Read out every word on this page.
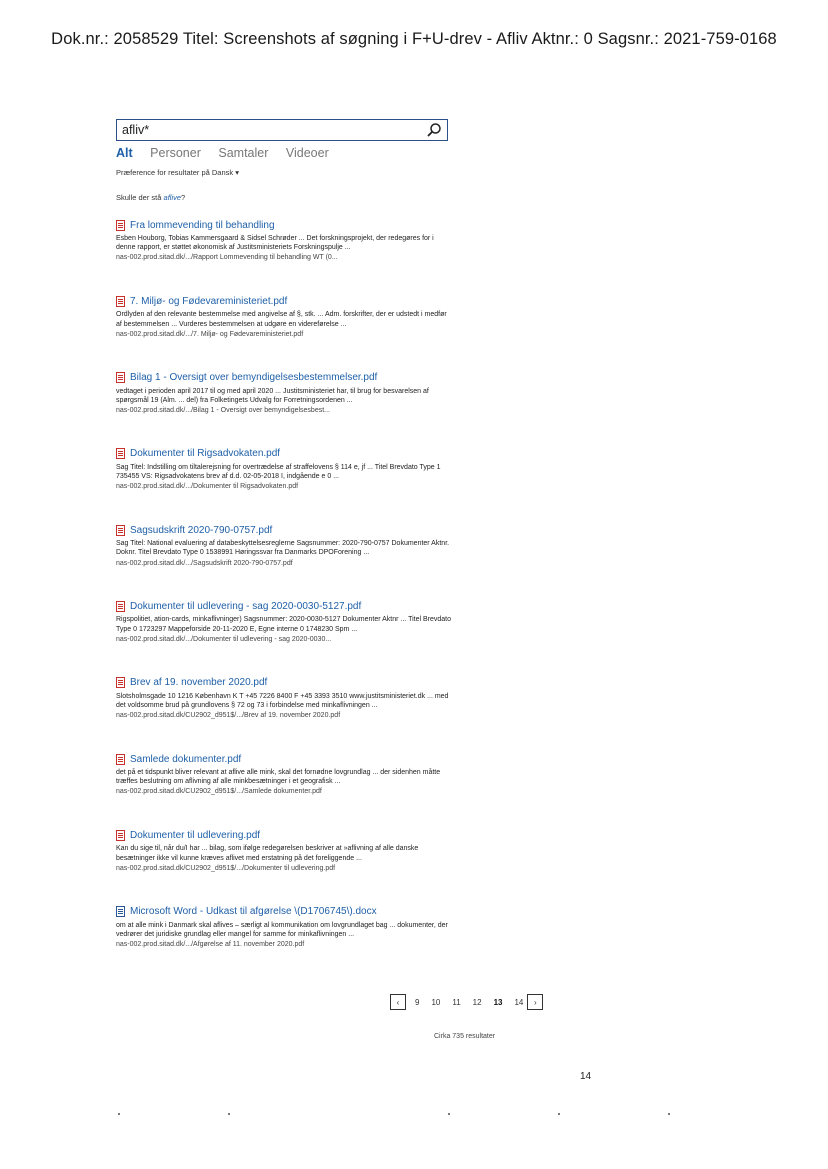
Dok.nr.: 2058529 Titel: Screenshots af søgning i F+U-drev - Afliv Aktnr.: 0 Sagsnr.: 2021-759-0168
afliv*
Alt Personer Samtaler Videoer
Præference for resultater på Dansk ▾
Skulle der stå aflive?
Fra lommevending til behandling
Esben Houborg, Tobias Kammersgaard & Sidsel Schrøder ... Det forskningsprojekt, der redegøres for i denne rapport, er støttet økonomisk af Justitsministeriets Forskningspulje ...
nas-002.prod.sitad.dk/.../Rapport Lommevending til behandling WT (0...
7. Miljø- og Fødevareministeriet.pdf
Ordlyden af den relevante bestemmelse med angivelse af §, stk. ... Adm. forskrifter, der er udstedt i medfør af bestemmelsen ... Vurderes bestemmelsen at udgøre en videreførelse ...
nas-002.prod.sitad.dk/.../7. Miljø- og Fødevareministeriet.pdf
Bilag 1 - Oversigt over bemyndigelsesbestemmelser.pdf
vedtaget i perioden april 2017 til og med april 2020 ... Justitsministeriet har, til brug for besvarelsen af spørgsmål 19 (Alm. ... del) fra Folketingets Udvalg for Forretningsordenen ...
nas-002.prod.sitad.dk/.../Bilag 1 - Oversigt over bemyndigelsesbest...
Dokumenter til Rigsadvokaten.pdf
Sag Titel: Indstilling om tiltalerejsning for overtrædelse af straffelovens § 114 e, jf ... Titel Brevdato Type 1 735455 VS: Rigsadvokatens brev af d.d. 02-05-2018 I, indgående e 0 ...
nas-002.prod.sitad.dk/.../Dokumenter til Rigsadvokaten.pdf
Sagsudskrift 2020-790-0757.pdf
Sag Titel: National evaluering af databeskyttelsesreglerne Sagsnummer: 2020-790-0757 Dokumenter Aktnr. Doknr. Titel Brevdato Type 0 1538991 Høringssvar fra Danmarks DPOForening ...
nas-002.prod.sitad.dk/.../Sagsudskrift 2020-790-0757.pdf
Dokumenter til udlevering - sag 2020-0030-5127.pdf
Rigspolitiet, ation-cards, minkaflivninger) Sagsnummer: 2020-0030-5127 Dokumenter Aktnr ... Titel Brevdato Type 0 1723297 Mappeforside 20-11-2020 E, Egne interne 0 1748230 Spm ...
nas-002.prod.sitad.dk/.../Dokumenter til udlevering - sag 2020-0030...
Brev af 19. november 2020.pdf
Slotsholmsgade 10 1216 København K T +45 7226 8400 F +45 3393 3510 www.justitsministeriet.dk ... med det voldsomme brud på grundlovens § 72 og 73 i forbindelse med minkaflivningen ...
nas-002.prod.sitad.dk/CU2902_d951$/.../Brev af 19. november 2020.pdf
Samlede dokumenter.pdf
det på et tidspunkt bliver relevant at aflive alle mink, skal det fornødne lovgrundlag ... der sidenhen måtte træffes beslutning om aflivning af alle minkbesætninger i et geografisk ...
nas-002.prod.sitad.dk/CU2902_d951$/.../Samlede dokumenter.pdf
Dokumenter til udlevering.pdf
Kan du sige til, når du/I har ... bilag, som ifølge redegørelsen beskriver at »aflivning af alle danske besætninger ikke vil kunne kræves aflivet med erstatning på det foreliggende ...
nas-002.prod.sitad.dk/CU2902_d951$/.../Dokumenter til udlevering.pdf
Microsoft Word - Udkast til afgørelse \(D1706745\).docx
om at alle mink i Danmark skal aflives – særligt al kommunikation om lovgrundlaget bag ... dokumenter, der vedrører det juridiske grundlag eller mangel for samme for minkaflivningen ...
nas-002.prod.sitad.dk/.../Afgørelse af 11. november 2020.pdf
‹ 9 10 11 12 13 14 ›
Cirka 735 resultater
14
